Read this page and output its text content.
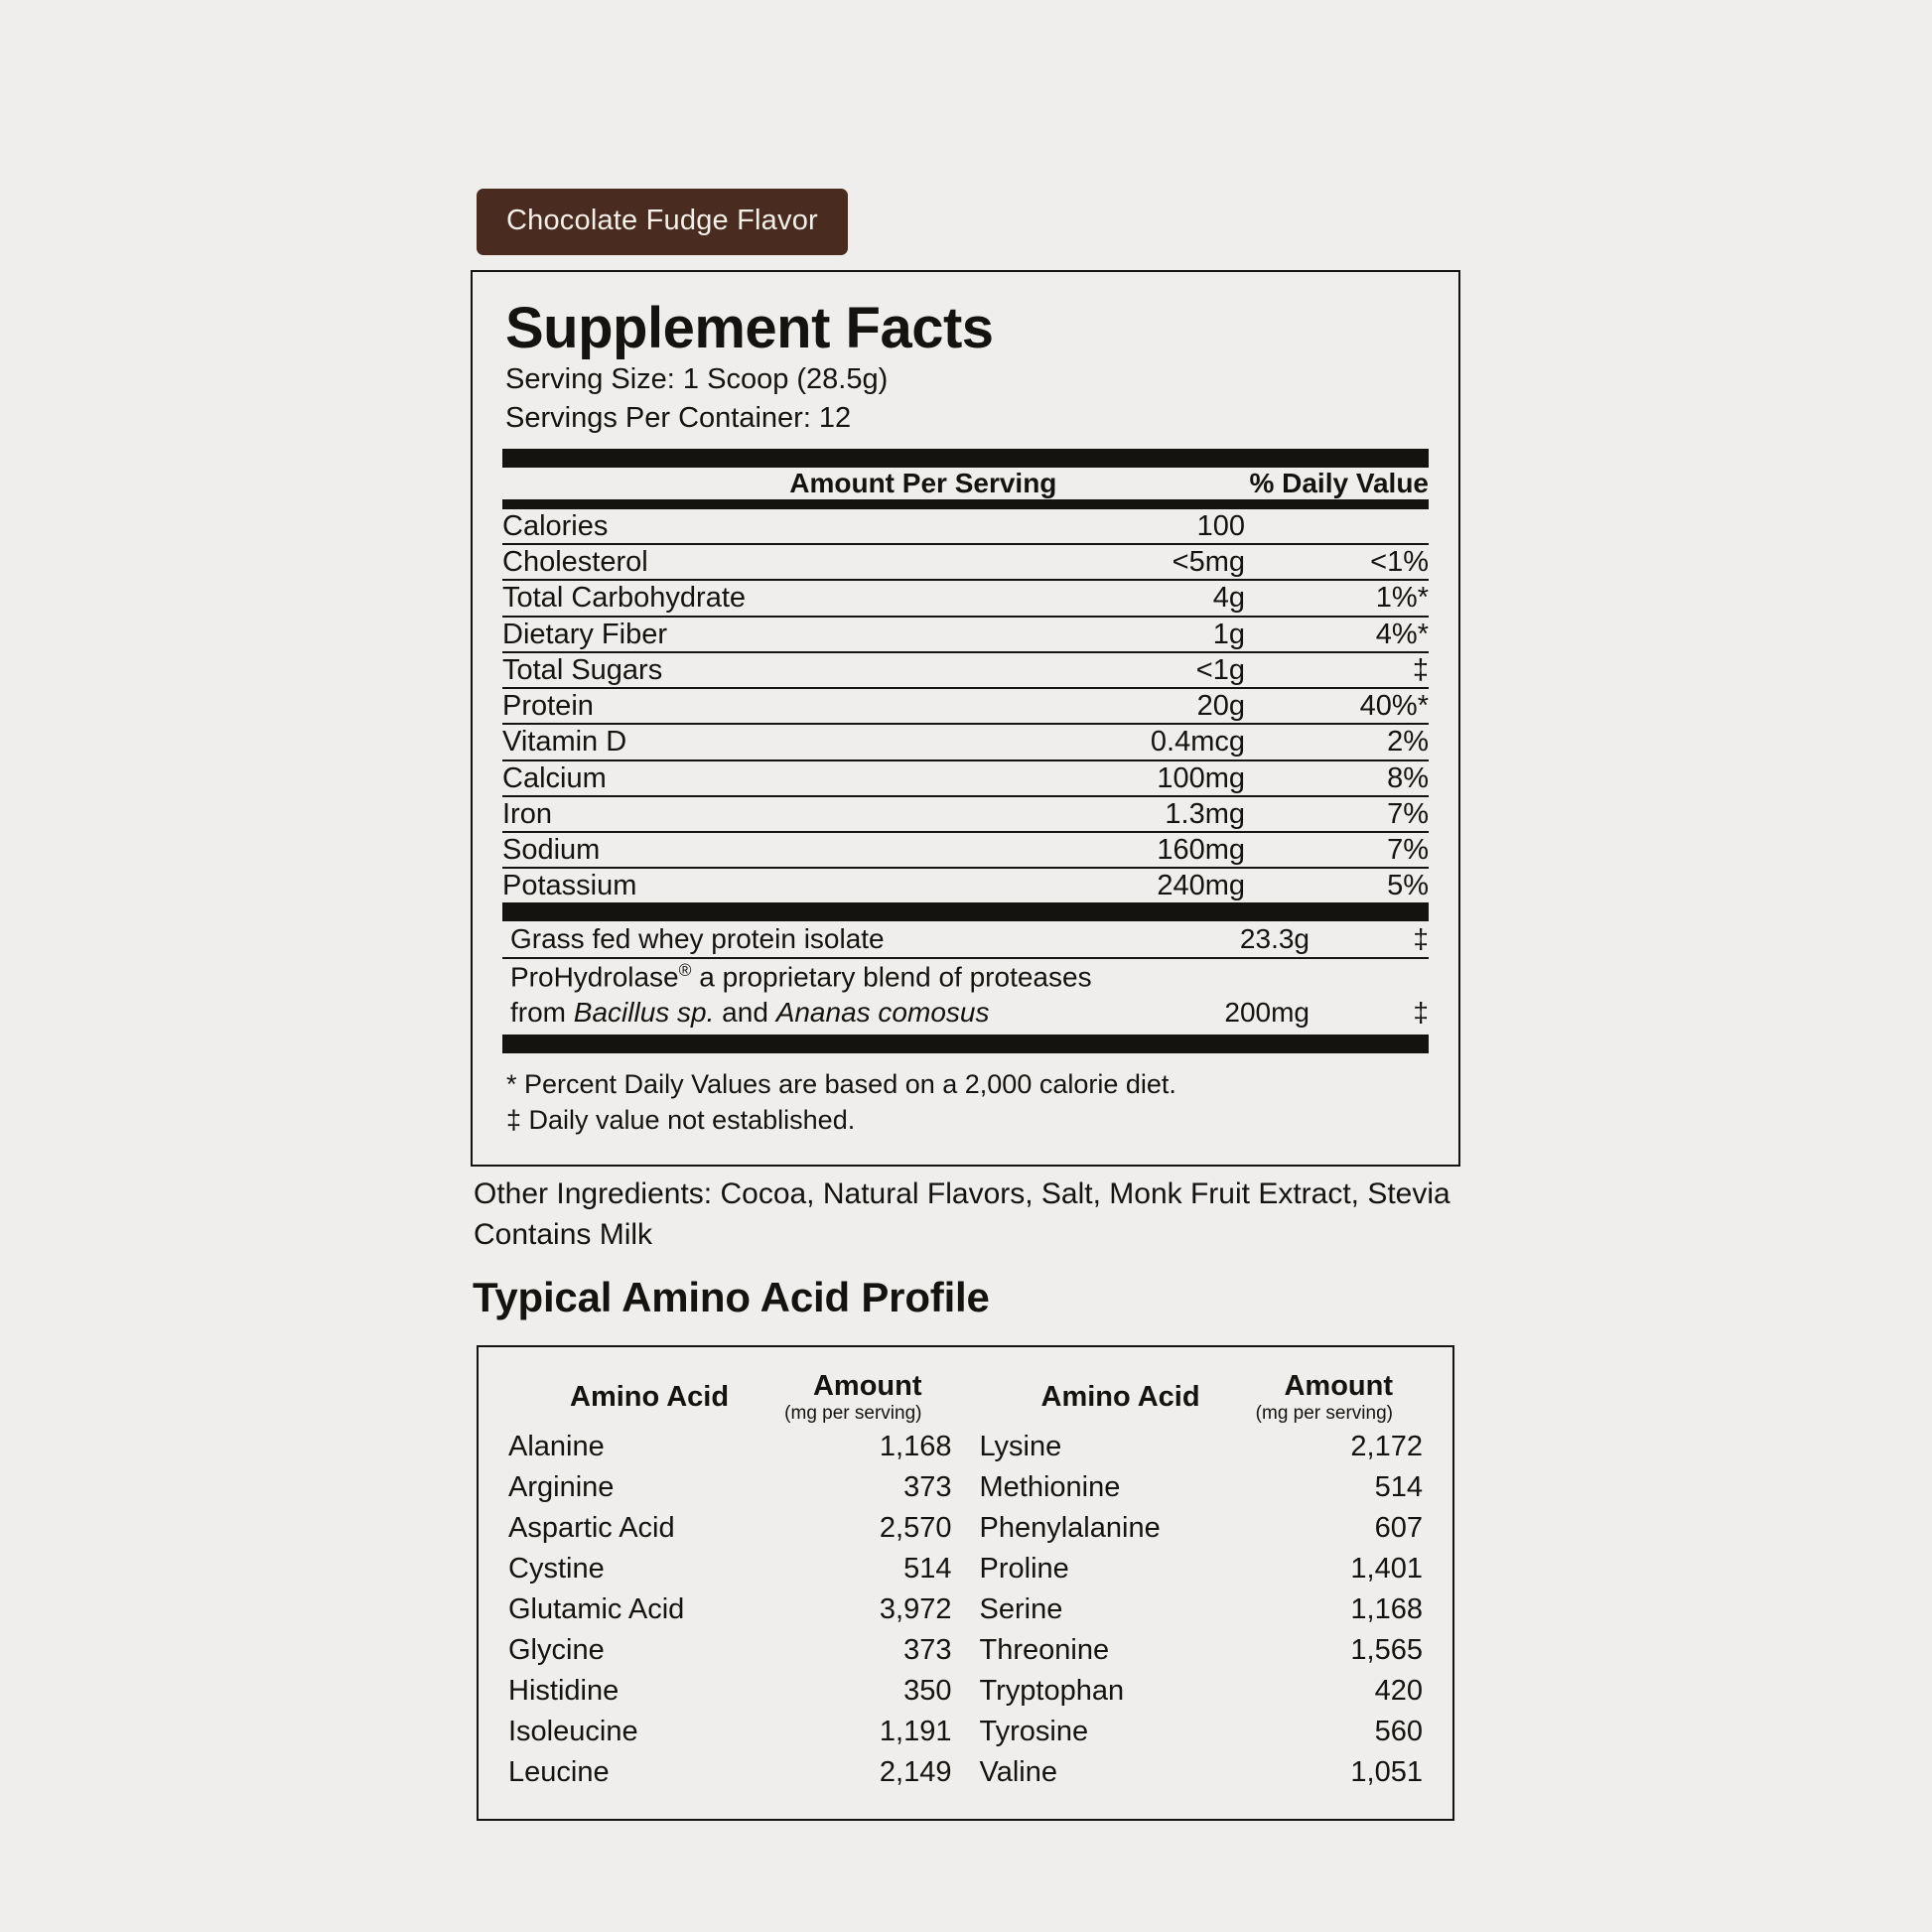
Chocolate Fudge Flavor
Supplement Facts
Serving Size: 1 Scoop (28.5g)
Servings Per Container: 12
	Amount Per Serving	% Daily Value
Calories	100	
Cholesterol	<5mg	<1%
Total Carbohydrate	4g	1%*
Dietary Fiber	1g	4%*
Total Sugars	<1g	‡
Protein	20g	40%*
Vitamin D	0.4mcg	2%
Calcium	100mg	8%
Iron	1.3mg	7%
Sodium	160mg	7%
Potassium	240mg	5%
Grass fed whey protein isolate	23.3g	‡
ProHydrolase® a proprietary blend of proteases
from Bacillus sp. and Ananas comosus	200mg	‡
* Percent Daily Values are based on a 2,000 calorie diet.
‡ Daily value not established.
Other Ingredients: Cocoa, Natural Flavors, Salt, Monk Fruit Extract, Stevia
Contains Milk
Typical Amino Acid Profile
Amino Acid	Amount
(mg per serving)		Amino Acid	Amount
(mg per serving)

Alanine	1,168		Lysine	2,172
Arginine	373		Methionine	514
Aspartic Acid	2,570		Phenylalanine	607
Cystine	514		Proline	1,401
Glutamic Acid	3,972		Serine	1,168
Glycine	373		Threonine	1,565
Histidine	350		Tryptophan	420
Isoleucine	1,191		Tyrosine	560
Leucine	2,149		Valine	1,051
